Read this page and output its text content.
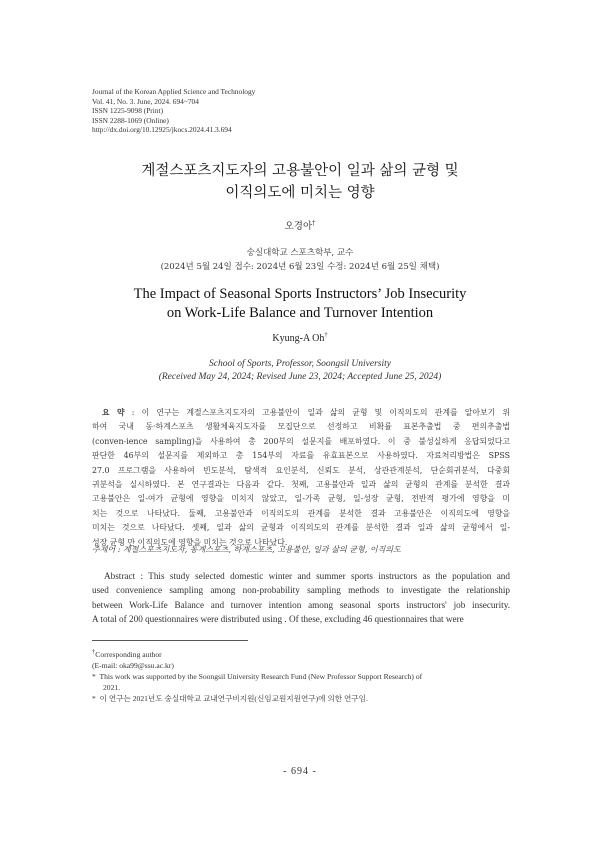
Journal of the Korean Applied Science and Technology
Vol. 41, No. 3. June, 2024. 694~704
ISSN 1225-9098 (Print)
ISSN 2288-1069 (Online)
http://dx.doi.org/10.12925/jkocs.2024.41.3.694
계절스포츠지도자의 고용불안이 일과 삶의 균형 및
이직의도에 미치는 영향
오경아†
숭실대학교 스포츠학부, 교수
(2024년 5월 24일 접수: 2024년 6월 23일 수정: 2024년 6월 25일 채택)
The Impact of Seasonal Sports Instructors’ Job Insecurity
on Work-Life Balance and Turnover Intention
Kyung-A Oh†
School of Sports, Professor, Soongsil University
(Received May 24, 2024; Revised June 23, 2024; Accepted June 25, 2024)
요 약 : 이 연구는 계절스포츠지도자의 고용불안이 일과 삶의 균형 및 이직의도의 관계를 알아보기 위
하여 국내 동·하계스포츠 생활체육지도자를 모집단으로 선정하고 비확률 표본추출법 중 편의추출법
(conven-ience sampling)을 사용하여 총 200부의 설문지를 배포하였다. 이 중 불성실하게 응답되었다고
판단한 46부의 설문지를 제외하고 총 154부의 자료를 유효표본으로 사용하였다. 자료처리방법은 SPSS
27.0 프로그램을 사용하여 빈도분석, 탐색적 요인분석, 신뢰도 분석, 상관관계분석, 단순회귀분석, 다중회
귀분석을 실시하였다. 본 연구결과는 다음과 같다. 첫째, 고용불안과 일과 삶의 균형의 관계를 분석한 결과
고용불안은 일-여가 균형에 영향을 미치지 않았고, 일-가족 균형, 일-성장 균형, 전반적 평가에 영향을 미
치는 것으로 나타났다. 둘째, 고용불안과 이직의도의 관계를 분석한 결과 고용불안은 이직의도에 영향을
미치는 것으로 나타났다. 셋째, 일과 삶의 균형과 이직의도의 관계를 분석한 결과 일과 삶의 균형에서 일-
성장 균형 만 이직의도에 영향을 미치는 것으로 나타났다.
주제어 : 계절스포츠지도자, 동계스포츠, 하계스포츠, 고용불안, 일과 삶의 균형, 이직의도
Abstract : This study selected domestic winter and summer sports instructors as the population and
used convenience sampling among non-probability sampling methods to investigate the relationship
between Work-Life Balance and turnover intention among seasonal sports instructors' job insecurity.
A total of 200 questionnaires were distributed using . Of these, excluding 46 questionnaires that were
†Corresponding author
(E-mail: oka99@ssu.ac.kr)
* This work was supported by the Soongsil University Research Fund (New Professor Support Research) of
2021.
* 이 연구는 2021년도 숭실대학교 교내연구비지원(신임교원지원연구)에 의한 연구임.
- 694 -
